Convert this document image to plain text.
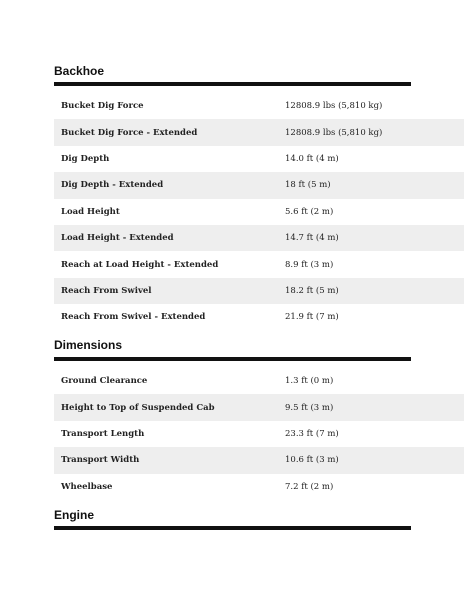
Backhoe
Bucket Dig Force	12808.9 lbs (5,810 kg)
Bucket Dig Force - Extended	12808.9 lbs (5,810 kg)
Dig Depth	14.0 ft (4 m)
Dig Depth - Extended	18 ft (5 m)
Load Height	5.6 ft (2 m)
Load Height - Extended	14.7 ft (4 m)
Reach at Load Height - Extended	8.9 ft (3 m)
Reach From Swivel	18.2 ft (5 m)
Reach From Swivel - Extended	21.9 ft (7 m)
Dimensions
Ground Clearance	1.3 ft (0 m)
Height to Top of Suspended Cab	9.5 ft (3 m)
Transport Length	23.3 ft (7 m)
Transport Width	10.6 ft (3 m)
Wheelbase	7.2 ft (2 m)
Engine
